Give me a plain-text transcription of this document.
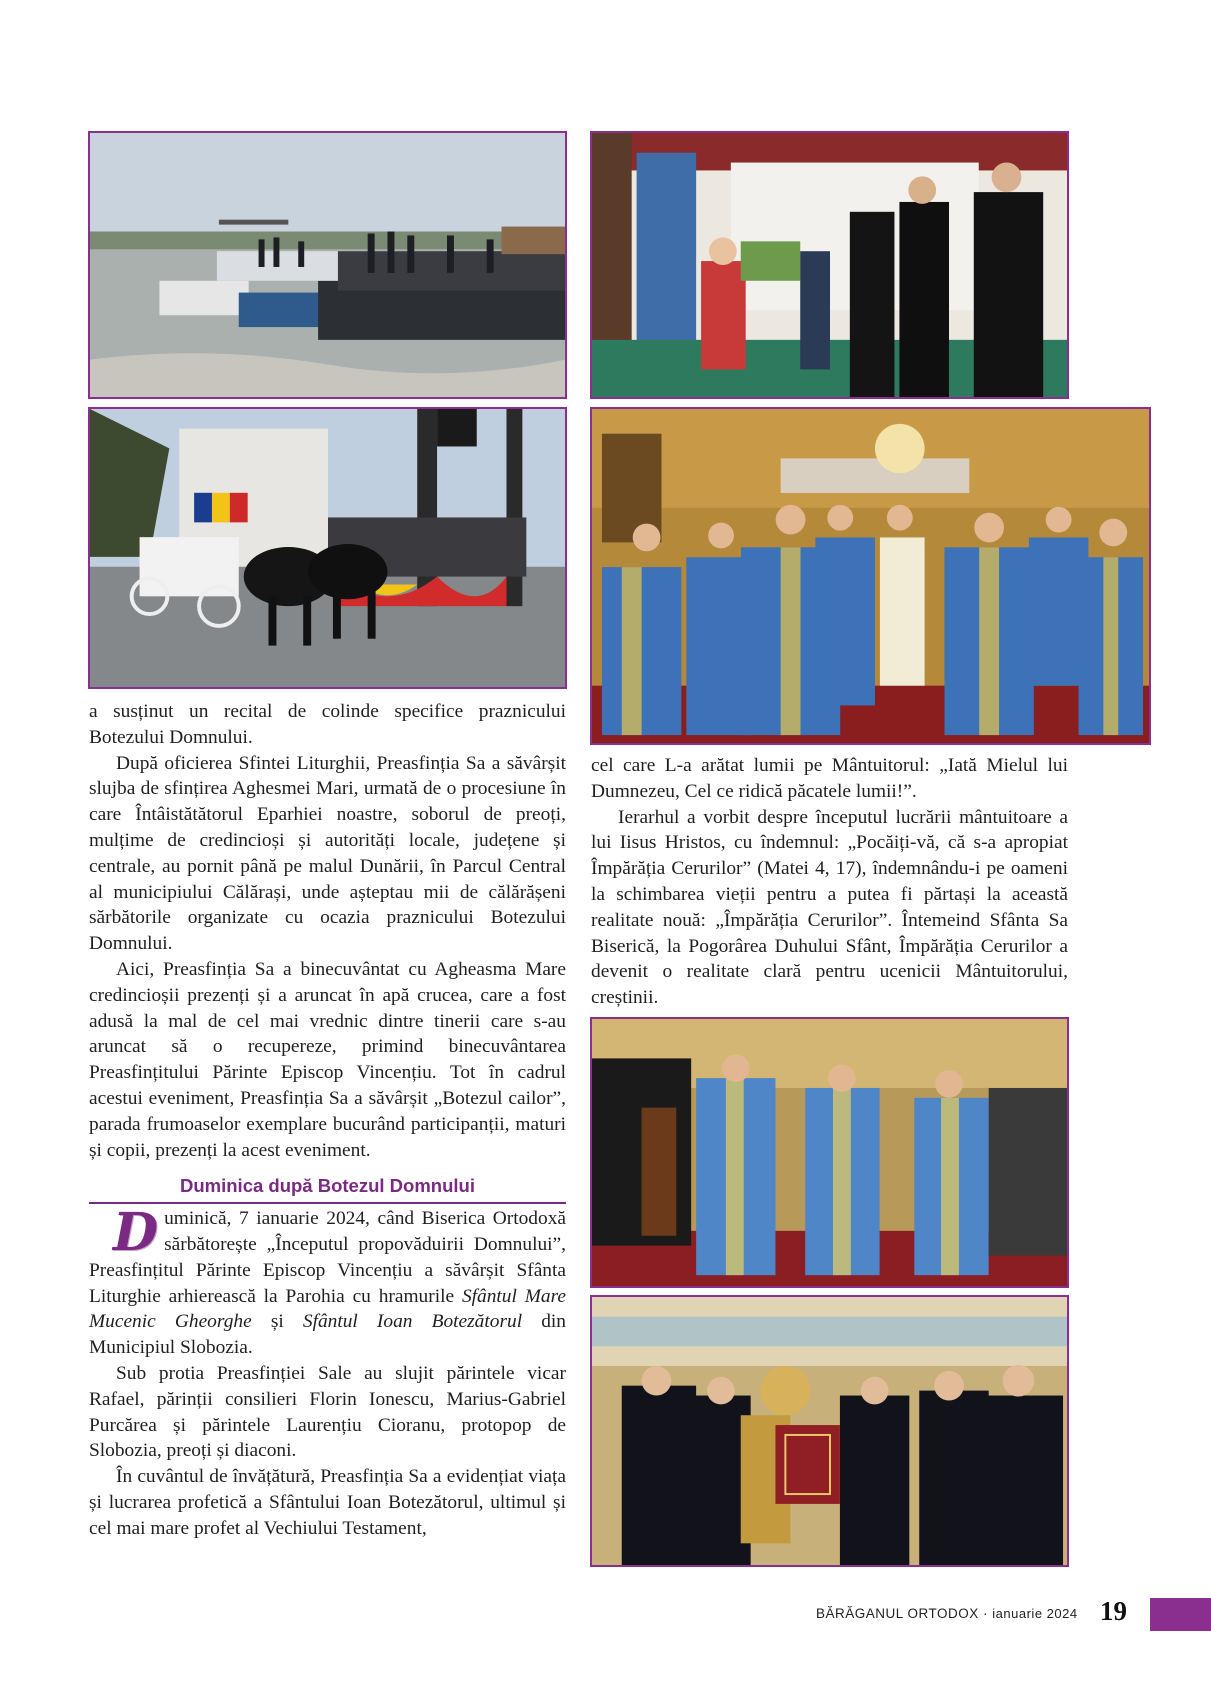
a susținut un recital de colinde specifice praznicului Botezului Domnului.

După oficierea Sfintei Liturghii, Preasfinția Sa a săvârșit slujba de sfințirea Aghesmei Mari, urmată de o procesiune în care Întâistătătorul Eparhiei noastre, soborul de preoți, mulțime de credincioși și autorități locale, județene și centrale, au pornit până pe malul Dunării, în Parcul Central al municipiului Călărași, unde așteptau mii de călărășeni sărbătorile organizate cu ocazia praznicului Botezului Domnului.

Aici, Preasfinția Sa a binecuvântat cu Agheasma Mare credincioșii prezenți și a aruncat în apă crucea, care a fost adusă la mal de cel mai vrednic dintre tinerii care s-au aruncat să o recupereze, primind binecuvântarea Preasfințitului Părinte Episcop Vincențiu. Tot în cadrul acestui eveniment, Preasfinția Sa a săvârșit „Botezul cailor”, parada frumoaselor exemplare bucurând participanții, maturi și copii, prezenți la acest eveniment.

Duminica după Botezul Domnului

Duminică, 7 ianuarie 2024, când Biserica Ortodoxă sărbătorește „Începutul propovăduirii Domnului”, Preasfințitul Părinte Episcop Vincențiu a săvârșit Sfânta Liturghie arhierească la Parohia cu hramurile Sfântul Mare Mucenic Gheorghe și Sfântul Ioan Botezătorul din Municipiul Slobozia.

Sub protia Preasfinției Sale au slujit părintele vicar Rafael, părinții consilieri Florin Ionescu, Marius-Gabriel Purcărea și părintele Laurențiu Cioranu, protopop de Slobozia, preoți și diaconi.

În cuvântul de învățătură, Preasfinția Sa a evidențiat viața și lucrarea profetică a Sfântului Ioan Botezătorul, ultimul și cel mai mare profet al Vechiului Testament,

cel care L-a arătat lumii pe Mântuitorul: „Iată Mielul lui Dumnezeu, Cel ce ridică păcatele lumii!”.

Ierarhul a vorbit despre începutul lucrării mântuitoare a lui Iisus Hristos, cu îndemnul: „Pocăiți-vă, că s-a apropiat Împărăția Cerurilor” (Matei 4, 17), îndemnându-i pe oameni la schimbarea vieții pentru a putea fi părtași la această realitate nouă: „Împărăția Cerurilor”. Întemeind Sfânta Sa Biserică, la Pogorârea Duhului Sfânt, Împărăția Cerurilor a devenit o realitate clară pentru ucenicii Mântuitorului, creștinii.

BĂRĂGANUL ORTODOX · ianuarie 2024 19
